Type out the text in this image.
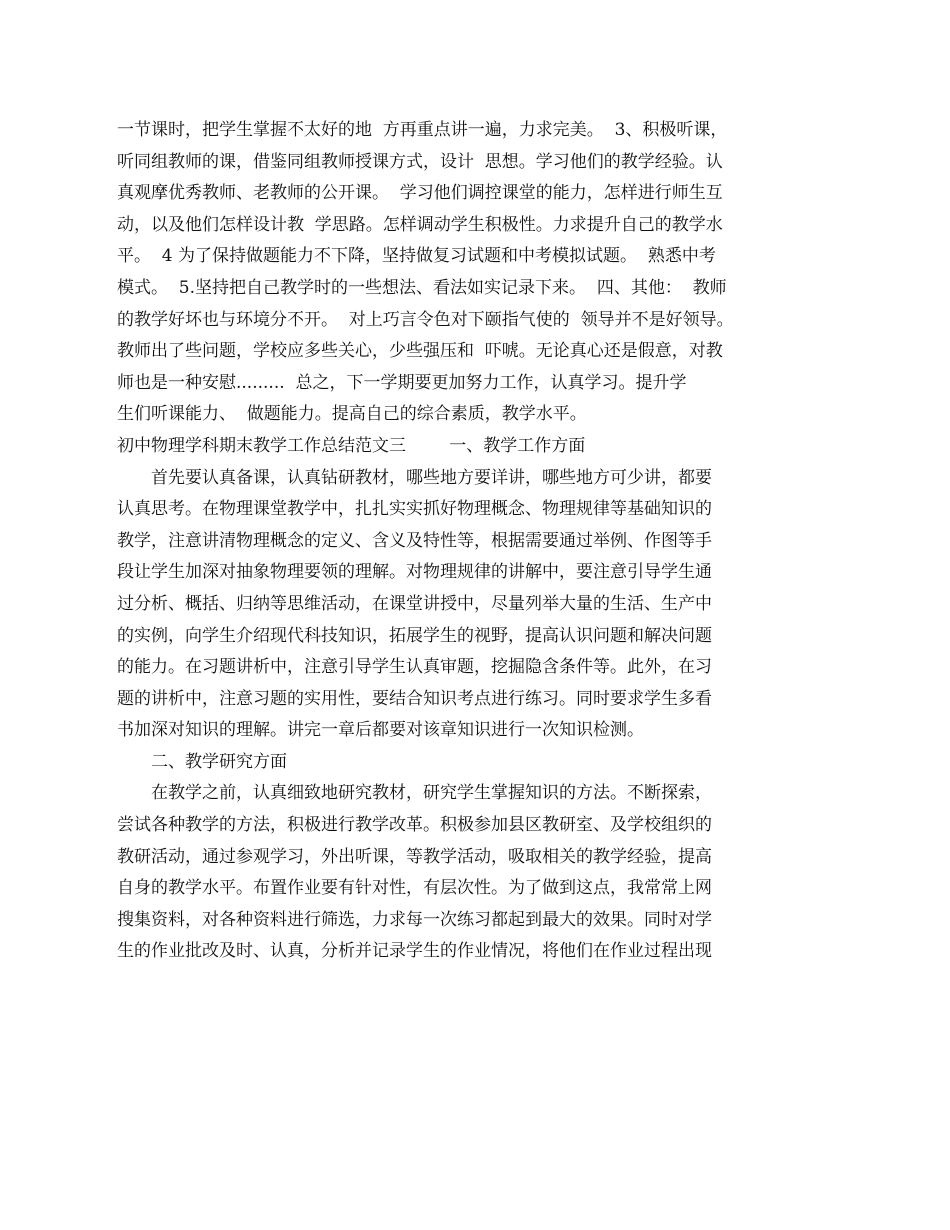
一节课时，把学生掌握不太好的地  方再重点讲一遍，力求完美。  3、积极听课，
听同组教师的课，借鉴同组教师授课方式，设计  思想。学习他们的教学经验。认
真观摩优秀教师、老教师的公开课。  学习他们调控课堂的能力，怎样进行师生互
动，以及他们怎样设计教  学思路。怎样调动学生积极性。力求提升自己的教学水
平。  4 为了保持做题能力不下降，坚持做复习试题和中考模拟试题。  熟悉中考
模式。  5.坚持把自己教学时的一些想法、看法如实记录下来。  四、其他：  教师
的教学好坏也与环境分不开。  对上巧言令色对下颐指气使的  领导并不是好领导。
教师出了些问题，学校应多些关心，少些强压和  吓唬。无论真心还是假意，对教
师也是一种安慰.........  总之，下一学期要更加努力工作，认真学习。提升学
生们听课能力、  做题能力。提高自己的综合素质，教学水平。
初中物理学科期末教学工作总结范文三        一、教学工作方面
首先要认真备课，认真钻研教材，哪些地方要详讲，哪些地方可少讲，都要
认真思考。在物理课堂教学中，扎扎实实抓好物理概念、物理规律等基础知识的
教学，注意讲清物理概念的定义、含义及特性等，根据需要通过举例、作图等手
段让学生加深对抽象物理要领的理解。对物理规律的讲解中，要注意引导学生通
过分析、概括、归纳等思维活动，在课堂讲授中，尽量列举大量的生活、生产中
的实例，向学生介绍现代科技知识，拓展学生的视野，提高认识问题和解决问题
的能力。在习题讲析中，注意引导学生认真审题，挖掘隐含条件等。此外，在习
题的讲析中，注意习题的实用性，要结合知识考点进行练习。同时要求学生多看
书加深对知识的理解。讲完一章后都要对该章知识进行一次知识检测。
二、教学研究方面
在教学之前，认真细致地研究教材，研究学生掌握知识的方法。不断探索，
尝试各种教学的方法，积极进行教学改革。积极参加县区教研室、及学校组织的
教研活动，通过参观学习，外出听课，等教学活动，吸取相关的教学经验，提高
自身的教学水平。布置作业要有针对性，有层次性。为了做到这点，我常常上网
搜集资料，对各种资料进行筛选，力求每一次练习都起到最大的效果。同时对学
生的作业批改及时、认真，分析并记录学生的作业情况，将他们在作业过程出现
